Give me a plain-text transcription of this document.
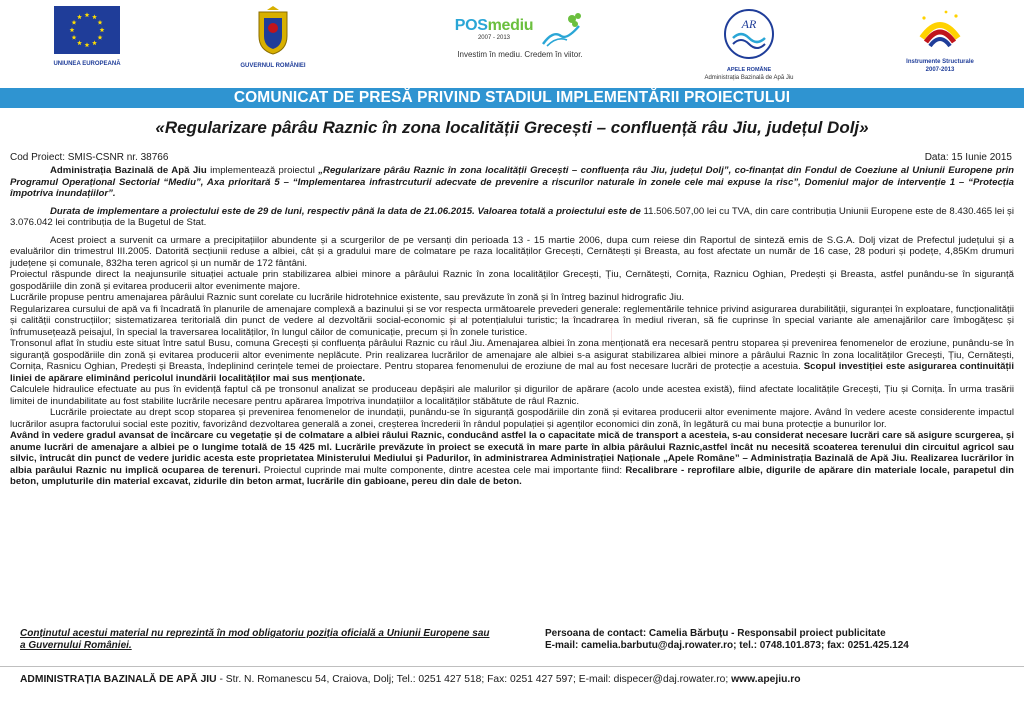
UNIUNEA EUROPEANĂ	GUVERNUL ROMÂNIEI
POSmediu
2007 - 2013
Investim în mediu. Credem în viitor.
AR
APELE ROMÂNE
Administrația Bazinală de Apă Jiu
Instrumente Structurale
2007-2013
COMUNICAT DE PRESĂ PRIVIND STADIUL IMPLEMENTĂRII PROIECTULUI
«Regularizare pârâu Raznic în zona localității Grecești – confluență râu Jiu, județul Dolj»
Cod Proiect: SMIS-CSNR nr. 38766	Data: 15 Iunie 2015

Administrația Bazinală de Apă Jiu implementează proiectul „Regularizare pârâu Raznic în zona localității Grecești – confluența râu Jiu, județul Dolj”, co-finanțat din Fondul de Coeziune al Uniunii Europene prin Programul Operațional Sectorial “Mediu”, Axa prioritară 5 – “Implementarea infrastrcuturii adecvate de prevenire a riscurilor naturale în zonele cele mai expuse la risc”, Domeniul major de intervenție 1 – “Protecția împotriva inundațiilor”.

Durata de implementare a proiectului este de 29 de luni, respectiv până la data de 21.06.2015. Valoarea totală a proiectului este de 11.506.507,00 lei cu TVA, din care contribuția Uniunii Europene este de 8.430.465 lei și 3.076.042 lei contribuția de la Bugetul de Stat.

Acest proiect a survenit ca urmare a precipitațiilor abundente și a scurgerilor de pe versanți din perioada 13 - 15 martie 2006, dupa cum reiese din Raportul de sinteză emis de S.G.A. Dolj vizat de Prefectul județului și a evaluărilor din trimestrul III.2005. Datorită secțiunii reduse a albiei, cât și a gradului mare de colmatare pe raza localităților Grecești, Cernătești și Breasta, au fost afectate un număr de 16 case, 28 poduri și podețe, 4,85Km drumuri județene și comunale, 832ha teren agricol și un număr de 172 fântâni.

Proiectul răspunde direct la neajunsurile situației actuale prin stabilizarea albiei minore a pârâului Raznic în zona localităților Grecești, Țiu, Cernătești, Cornița, Raznicu Oghian, Predești și Breasta, astfel punându-se în siguranță gospodăriile din zonă și evitarea producerii altor evenimente majore.

Lucrările propuse pentru amenajarea pârâului Raznic sunt corelate cu lucrările hidrotehnice existente, sau prevăzute în zonă și în întreg bazinul hidrografic Jiu.

Regularizarea cursului de apă va fi încadrată în planurile de amenajare complexă a bazinului și se vor respecta următoarele prevederi generale: reglementările tehnice privind asigurarea durabilității, siguranței în exploatare, funcționalității și calității construcțiilor; sistematizarea teritorială din punct de vedere al dezvoltării social-economic și al potențialului turistic; la încadrarea în mediul riveran, să fie cuprinse în special variante ale amenajărilor care îmbogățesc și înfrumusețează peisajul, în special la traversarea localităților, în lungul căilor de comunicație, precum și în zonele turistice.

Tronsonul aflat în studiu este situat între satul Busu, comuna Grecești și confluența pârâului Raznic cu râul Jiu. Amenajarea albiei în zona menționată era necesară pentru stoparea și prevenirea fenomenelor de eroziune, punându-se în siguranță gospodăriile din zonă și evitarea producerii altor evenimente neplăcute. Prin realizarea lucrărilor de amenajare ale albiei s-a asigurat stabilizarea albiei minore a pârâului Raznic în zona localităților Grecești, Țiu, Cernătești, Cornița, Rasnicu Oghian, Predești și Breasta, îndeplinind cerințele temei de proiectare. Pentru stoparea fenomenului de eroziune de mal au fost necesare lucrări de protecție a acestuia. Scopul investiției este asigurarea continuității liniei de apărare eliminând pericolul inundării localităților mai sus menționate.

Calculele hidraulice efectuate au pus în evidență faptul că pe tronsonul analizat se produceau depășiri ale malurilor și digurilor de apărare (acolo unde acestea există), fiind afectate localitățile Grecești, Țiu și Cornița. În urma trasării limitei de inundabilitate au fost stabilite lucrările necesare pentru apărarea împotriva inundațiilor a localităților stăbătute de râul Raznic.

Lucrările proiectate au drept scop stoparea și prevenirea fenomenelor de inundații, punându-se în siguranță gospodăriile din zonă și evitarea producerii altor evenimente majore. Având în vedere aceste considerente impactul lucrărilor asupra factorului social este pozitiv, favorizând dezvoltarea generală a zonei, creșterea încrederii în rândul populației și agenților economici din zonă, în legătură cu mai buna protecție a bunurilor lor.

Având în vedere gradul avansat de încărcare cu vegetație și de colmatare a albiei râului Raznic, conducând astfel la o capacitate mică de transport a acesteia, s-au considerat necesare lucrări care să asigure scurgerea, și anume lucrări de amenajare a albiei pe o lungime totală de 15 425 ml. Lucrările prevăzute în proiect se execută în mare parte în albia pârâului Raznic,astfel încât nu necesită scoaterea terenului din circuitul agricol sau silvic, întrucât din punct de vedere juridic acesta este proprietatea Ministerului Mediului și Padurilor, în administrarea Administrației Naționale „Apele Române” – Administrația Bazinală de Apă Jiu. Realizarea lucrărilor în albia parâului Raznic nu implică ocuparea de terenuri. Proiectul cuprinde mai multe componente, dintre acestea cele mai importante fiind: Recalibrare - reprofilare albie, digurile de apărare din materiale locale, parapetul din beton, umpluturile din material excavat, zidurile din beton armat, lucrările din gabioane, pereu din dale de beton.

Conținutul acestui material nu reprezintă în mod obligatoriu poziția oficială a Uniunii Europene sau a Guvernului României.
Persoana de contact: Camelia Bărbuțu - Responsabil proiect publicitate
E-mail: camelia.barbutu@daj.rowater.ro; tel.: 0748.101.873; fax: 0251.425.124
ADMINISTRAȚIA BAZINALĂ DE APĂ JIU - Str. N. Romanescu 54, Craiova, Dolj; Tel.: 0251 427 518; Fax: 0251 427 597; E-mail: dispecer@daj.rowater.ro; www.apejiu.ro
